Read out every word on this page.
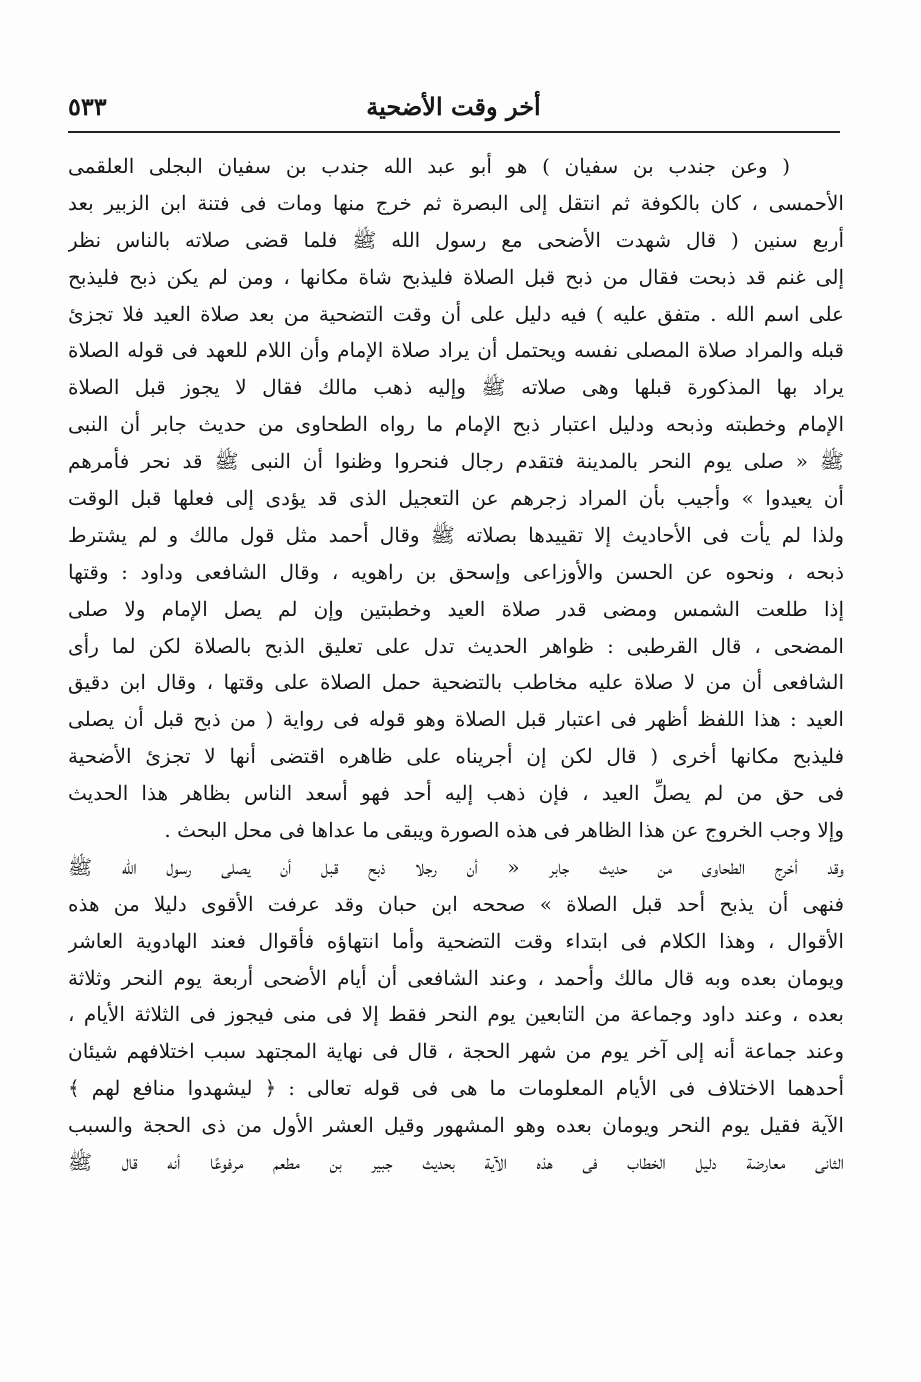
أخر وقت الأضحية
٥٣٣
( وعن جندب بن سفيان ) هو أبو عبد الله جندب بن سفيان البجلى العلقمى
الأحمسى ، كان بالكوفة ثم انتقل إلى البصرة ثم خرج منها ومات فى فتنة ابن الزبير بعد
أربع سنين ( قال شهدت الأضحى مع رسول الله ﷺ فلما قضى صلاته بالناس نظر
إلى غنم قد ذبحت فقال من ذبح قبل الصلاة فليذبح شاة مكانها ، ومن لم يكن ذبح فليذبح
على اسم الله . متفق عليه ) فيه دليل على أن وقت التضحية من بعد صلاة العيد فلا تجزئ
قبله والمراد صلاة المصلى نفسه ويحتمل أن يراد صلاة الإمام وأن اللام للعهد فى قوله الصلاة
يراد بها المذكورة قبلها وهى صلاته ﷺ وإليه ذهب مالك فقال لا يجوز قبل الصلاة
الإمام وخطبته وذبحه ودليل اعتبار ذبح الإمام ما رواه الطحاوى من حديث جابر أن النبى
ﷺ « صلى يوم النحر بالمدينة فتقدم رجال فنحروا وظنوا أن النبى ﷺ قد نحر فأمرهم
أن يعيدوا » وأجيب بأن المراد زجرهم عن التعجيل الذى قد يؤدى إلى فعلها قبل الوقت
ولذا لم يأت فى الأحاديث إلا تقييدها بصلاته ﷺ وقال أحمد مثل قول مالك و لم يشترط
ذبحه ، ونحوه عن الحسن والأوزاعى وإسحق بن راهويه ، وقال الشافعى وداود : وقتها
إذا طلعت الشمس ومضى قدر صلاة العيد وخطبتين وإن لم يصل الإمام ولا صلى
المضحى ، قال القرطبى : ظواهر الحديث تدل على تعليق الذبح بالصلاة لكن لما رأى
الشافعى أن من لا صلاة عليه مخاطب بالتضحية حمل الصلاة على وقتها ، وقال ابن دقيق
العيد : هذا اللفظ أظهر فى اعتبار قبل الصلاة وهو قوله فى رواية ( من ذبح قبل أن يصلى
فليذبح مكانها أخرى ( قال لكن إن أجريناه على ظاهره اقتضى أنها لا تجزئ الأضحية
فى حق من لم يصلِّ العيد ، فإن ذهب إليه أحد فهو أسعد الناس بظاهر هذا الحديث
وإلا وجب الخروج عن هذا الظاهر فى هذه الصورة ويبقى ما عداها فى محل البحث .
وقد أخرج الطحاوى من حديث جابر « أن رجلا ذبح قبل أن يصلى رسول الله ﷺ
فنهى أن يذبح أحد قبل الصلاة » صححه ابن حبان وقد عرفت الأقوى دليلا من هذه
الأقوال ، وهذا الكلام فى ابتداء وقت التضحية وأما انتهاؤه فأقوال فعند الهادوية العاشر
ويومان بعده وبه قال مالك وأحمد ، وعند الشافعى أن أيام الأضحى أربعة يوم النحر وثلاثة
بعده ، وعند داود وجماعة من التابعين يوم النحر فقط إلا فى منى فيجوز فى الثلاثة الأيام ،
وعند جماعة أنه إلى آخر يوم من شهر الحجة ، قال فى نهاية المجتهد سبب اختلافهم شيئان
أحدهما الاختلاف فى الأيام المعلومات ما هى فى قوله تعالى : ﴿ ليشهدوا منافع لهم ﴾
الآية فقيل يوم النحر ويومان بعده وهو المشهور وقيل العشر الأول من ذى الحجة والسبب
الثانى معارضة دليل الخطاب فى هذه الآية بحديث جبير بن مطعم مرفوعًا أنه قال ﷺ
